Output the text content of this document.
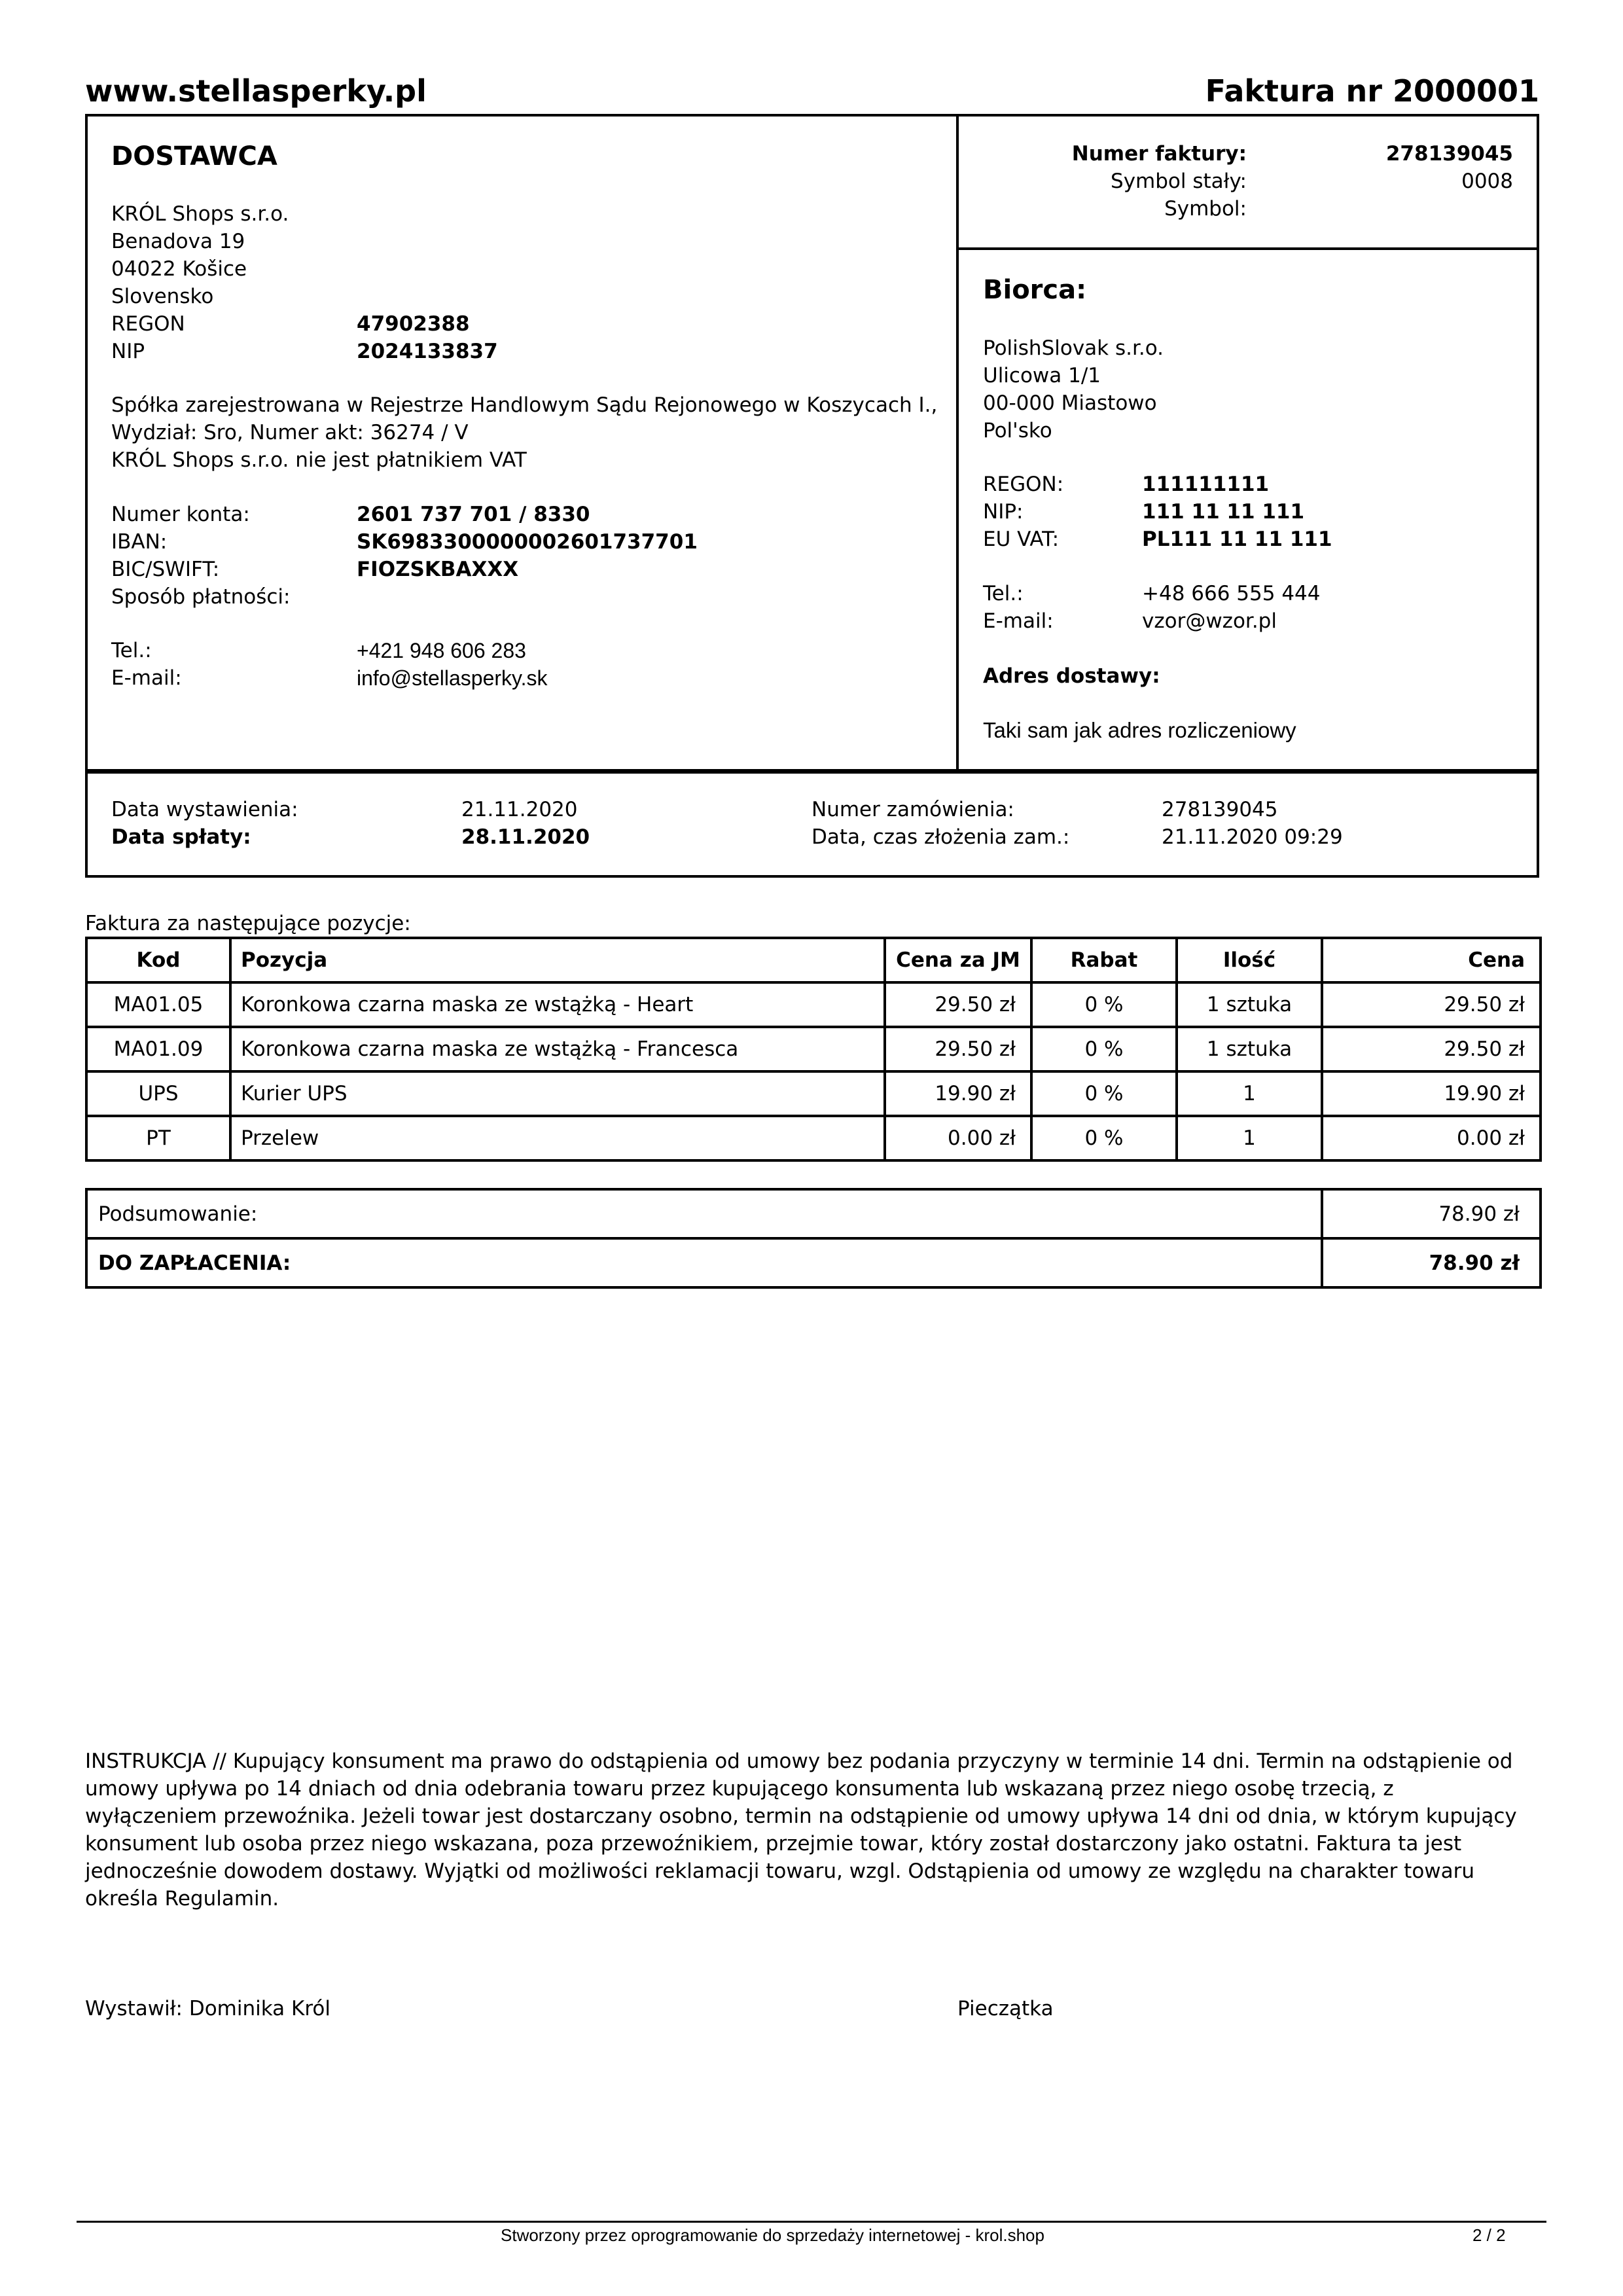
www.stellasperky.pl	Faktura nr 2000001
DOSTAWCA
KRÓL Shops s.r.o.
Benadova 19
04022 Košice
Slovensko
REGON	47902388
NIP	2024133837
Spółka zarejestrowana w Rejestrze Handlowym Sądu Rejonowego w Koszycach I.,
Wydział: Sro, Numer akt: 36274 / V
KRÓL Shops s.r.o. nie jest płatnikiem VAT
Numer konta:	2601 737 701 / 8330
IBAN:	SK6983300000002601737701
BIC/SWIFT:	FIOZSKBAXXX
Sposób płatności:
Tel.:	+421 948 606 283
E-mail:	info@stellasperky.sk
Numer faktury:	278139045
Symbol stały:	0008
Symbol:
Biorca:
PolishSlovak s.r.o.
Ulicowa 1/1
00-000 Miastowo
Pol'sko
REGON:	111111111
NIP:	111 11 11 111
EU VAT:	PL111 11 11 111
Tel.:	+48 666 555 444
E-mail:	vzor@wzor.pl
Adres dostawy:
Taki sam jak adres rozliczeniowy
Data wystawienia:	21.11.2020
Data spłaty:	28.11.2020
Numer zamówienia:	278139045
Data, czas złożenia zam.:	21.11.2020 09:29
Faktura za następujące pozycje:
Kod	Pozycja	Cena za JM	Rabat	Ilość	Cena
MA01.05	Koronkowa czarna maska ze wstążką - Heart	29.50 zł	0 %	1 sztuka	29.50 zł
MA01.09	Koronkowa czarna maska ze wstążką - Francesca	29.50 zł	0 %	1 sztuka	29.50 zł
UPS	Kurier UPS	19.90 zł	0 %	1	19.90 zł
PT	Przelew	0.00 zł	0 %	1	0.00 zł
Podsumowanie:	78.90 zł
DO ZAPŁACENIA:	78.90 zł
INSTRUKCJA // Kupujący konsument ma prawo do odstąpienia od umowy bez podania przyczyny w terminie 14 dni. Termin na odstąpienie od umowy upływa po 14 dniach od dnia odebrania towaru przez kupującego konsumenta lub wskazaną przez niego osobę trzecią, z wyłączeniem przewoźnika. Jeżeli towar jest dostarczany osobno, termin na odstąpienie od umowy upływa 14 dni od dnia, w którym kupujący konsument lub osoba przez niego wskazana, poza przewoźnikiem, przejmie towar, który został dostarczony jako ostatni. Faktura ta jest jednocześnie dowodem dostawy. Wyjątki od możliwości reklamacji towaru, wzgl. Odstąpienia od umowy ze względu na charakter towaru określa Regulamin.
Wystawił: Dominika Król	Pieczątka
Stworzony przez oprogramowanie do sprzedaży internetowej - krol.shop	2 / 2
